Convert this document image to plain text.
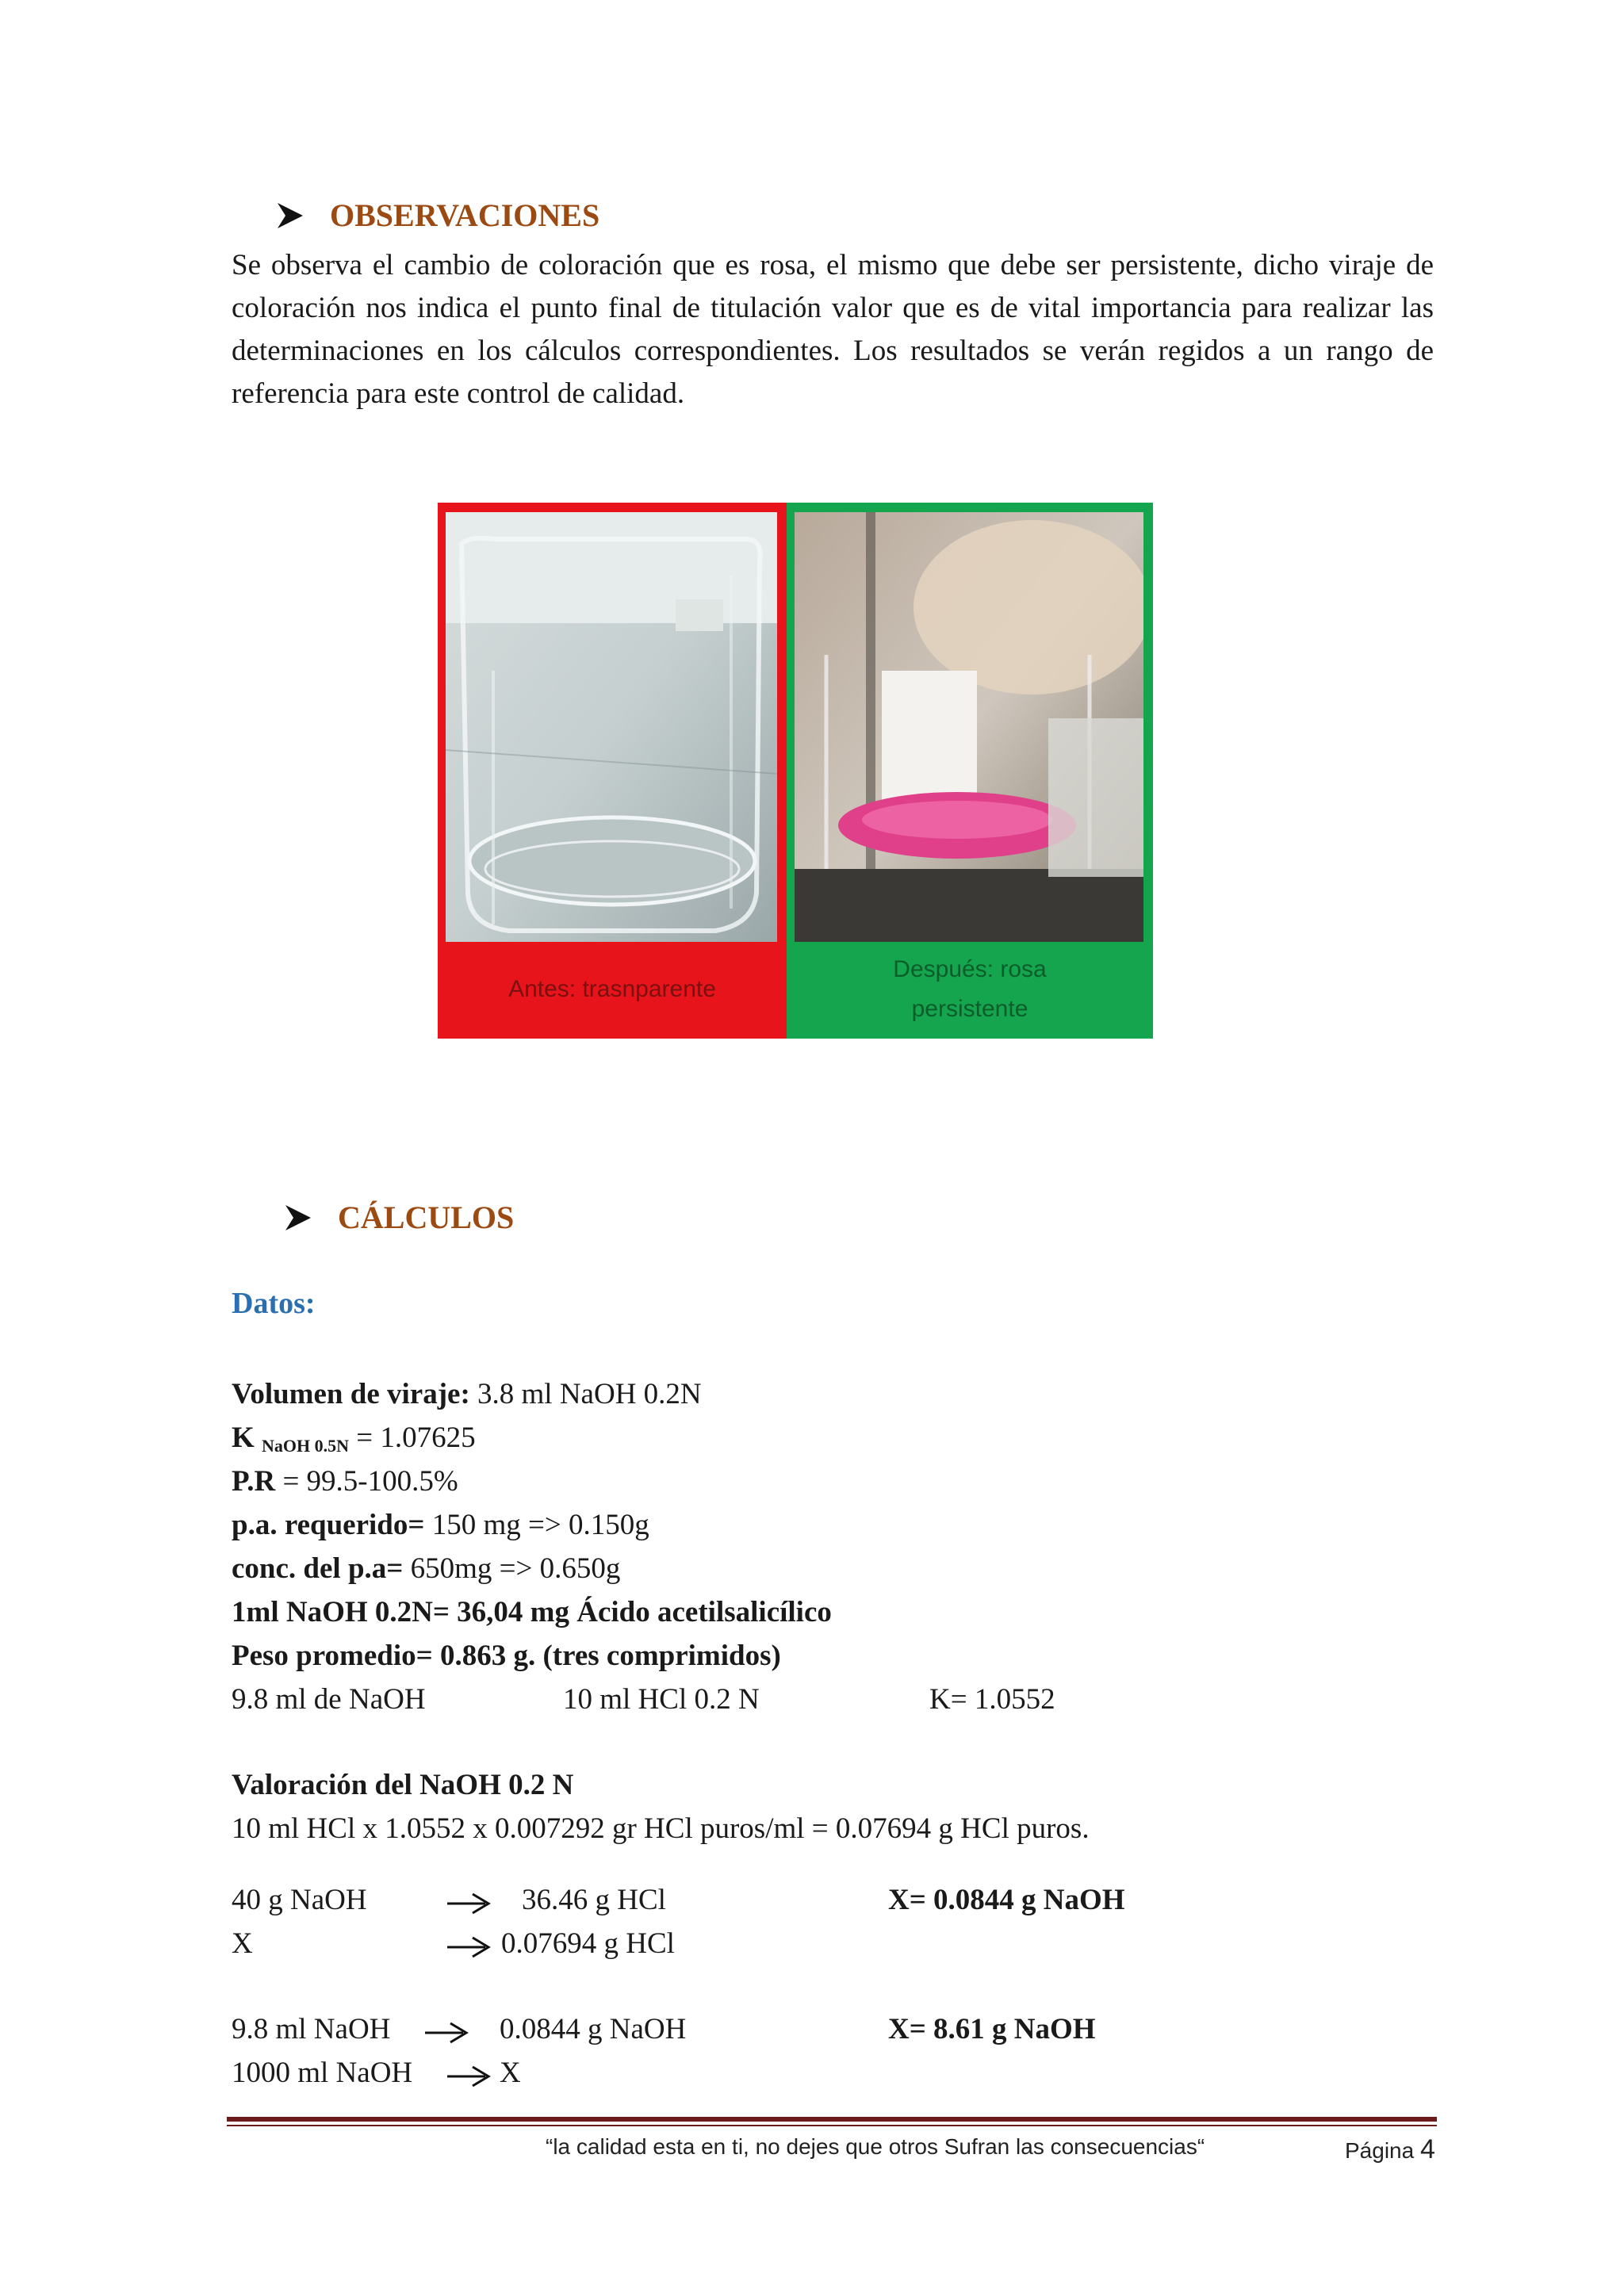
OBSERVACIONES
Se observa el cambio de coloración que es rosa, el mismo que debe ser persistente, dicho viraje de coloración nos indica el punto final de titulación valor que es de vital importancia para realizar las determinaciones en los cálculos correspondientes. Los resultados se verán regidos a un rango de referencia para este control de calidad.
Antes: trasnparente
Después: rosa
persistente
CÁLCULOS
Datos:
Volumen de viraje: 3.8 ml NaOH 0.2N
K $_{NaOH 0.5N}$ = 1.07625
P.R = 99.5-100.5%
p.a. requerido= 150 mg => 0.150g
conc. del p.a= 650mg => 0.650g
1ml NaOH 0.2N= 36,04 mg Ácido acetilsalicílico
Peso promedio= 0.863 g. (tres comprimidos)
9.8 ml de NaOH	10 ml HCl 0.2 N	K= 1.0552
Valoración del NaOH 0.2 N
10 ml HCl x 1.0552 x 0.007292 gr HCl puros/ml = 0.07694 g HCl puros.
40 g NaOH	36.46 g HCl	X= 0.0844 g NaOH
X	0.07694 g HCl
9.8 ml NaOH	0.0844 g NaOH	X= 8.61 g NaOH
1000 ml NaOH	X
“la calidad esta en ti, no dejes que otros Sufran las consecuencias“	Página 4
